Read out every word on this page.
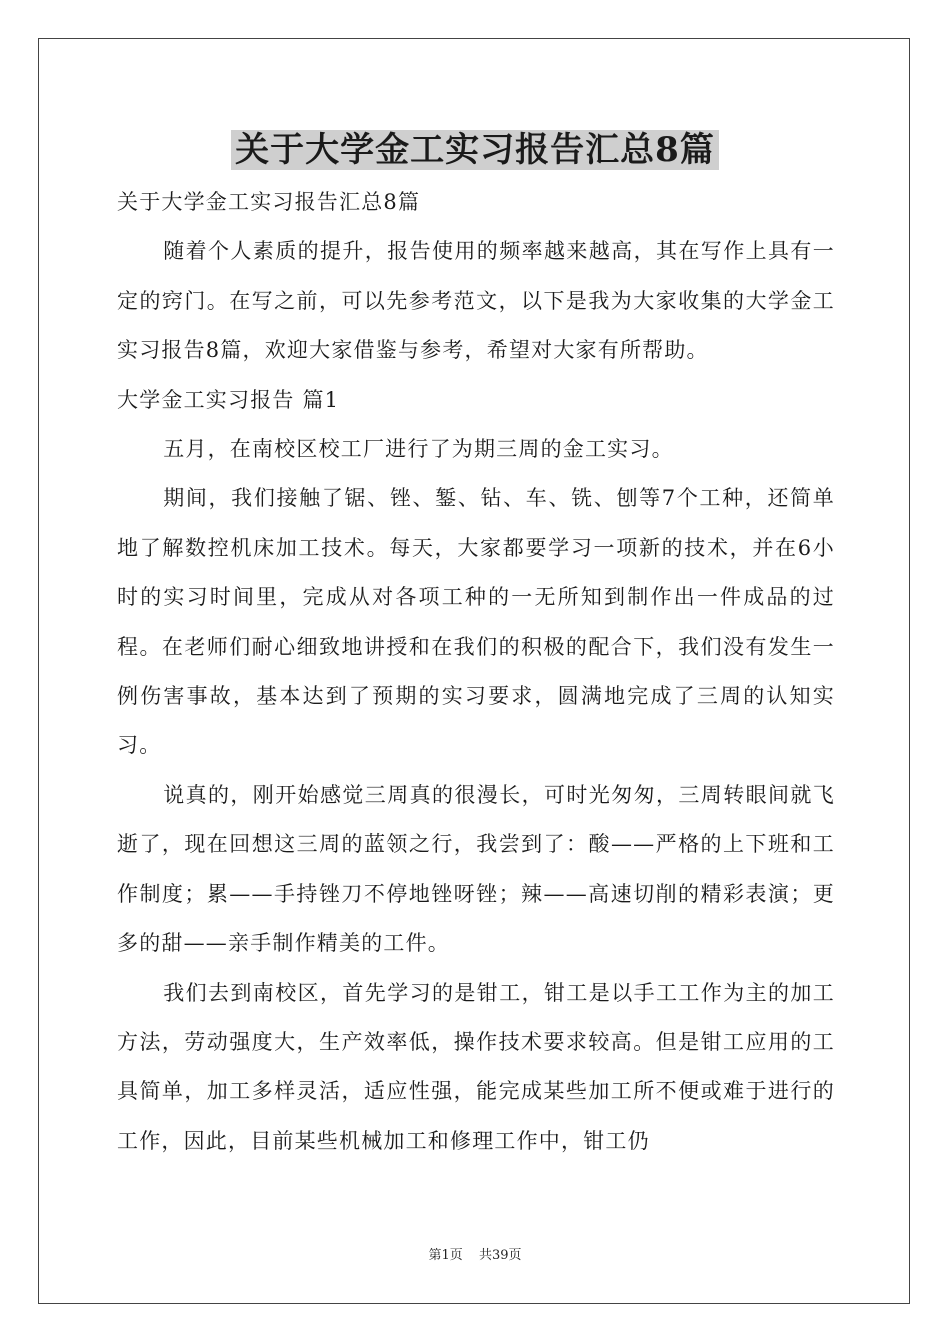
关于大学金工实习报告汇总8篇

关于大学金工实习报告汇总8篇

随着个人素质的提升，报告使用的频率越来越高，其在写作上具有一定的窍门。在写之前，可以先参考范文，以下是我为大家收集的大学金工实习报告8篇，欢迎大家借鉴与参考，希望对大家有所帮助。

大学金工实习报告 篇1

五月，在南校区校工厂进行了为期三周的金工实习。

期间，我们接触了锯、锉、錾、钻、车、铣、刨等7个工种，还简单地了解数控机床加工技术。每天，大家都要学习一项新的技术，并在6小时的实习时间里，完成从对各项工种的一无所知到制作出一件成品的过程。在老师们耐心细致地讲授和在我们的积极的配合下，我们没有发生一例伤害事故，基本达到了预期的实习要求，圆满地完成了三周的认知实习。

说真的，刚开始感觉三周真的很漫长，可时光匆匆，三周转眼间就飞逝了，现在回想这三周的蓝领之行，我尝到了：酸——严格的上下班和工作制度；累——手持锉刀不停地锉呀锉；辣——高速切削的精彩表演；更多的甜——亲手制作精美的工件。

我们去到南校区，首先学习的是钳工，钳工是以手工工作为主的加工方法，劳动强度大，生产效率低，操作技术要求较高。但是钳工应用的工具简单，加工多样灵活，适应性强，能完成某些加工所不便或难于进行的工作，因此，目前某些机械加工和修理工作中，钳工仍

第1页 共39页
